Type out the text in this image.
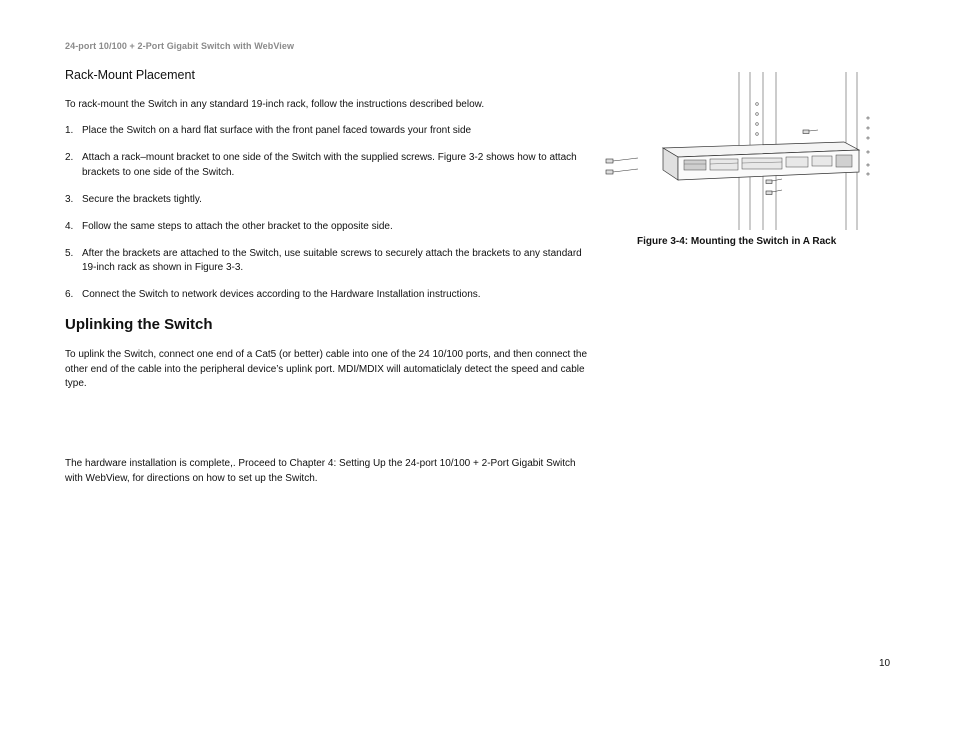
24-port 10/100 + 2-Port Gigabit Switch with WebView
Rack-Mount Placement
To rack-mount the Switch in any standard 19-inch rack, follow the instructions described below.
1. Place the Switch on a hard flat surface with the front panel faced towards your front side
2. Attach a rack–mount bracket to one side of the Switch with the supplied screws. Figure 3-2 shows how to attach brackets to one side of the Switch.
3. Secure the brackets tightly.
4. Follow the same steps to attach the other bracket to the opposite side.
5. After the brackets are attached to the Switch, use suitable screws to securely attach the brackets to any standard 19-inch rack as shown in Figure 3-3.
6. Connect the Switch to network devices according to the Hardware Installation instructions.
Uplinking the Switch
To uplink the Switch, connect one end of a Cat5 (or better) cable into one of the 24 10/100 ports, and then connect the other end of the cable into the peripheral device’s uplink port. MDI/MDIX will automaticlaly detect the speed and cable type.
The hardware installation is complete,. Proceed to Chapter 4: Setting Up the 24-port 10/100 + 2-Port Gigabit Switch with WebView, for directions on how to set up the Switch.
Figure 3-4: Mounting the Switch in A Rack
10
